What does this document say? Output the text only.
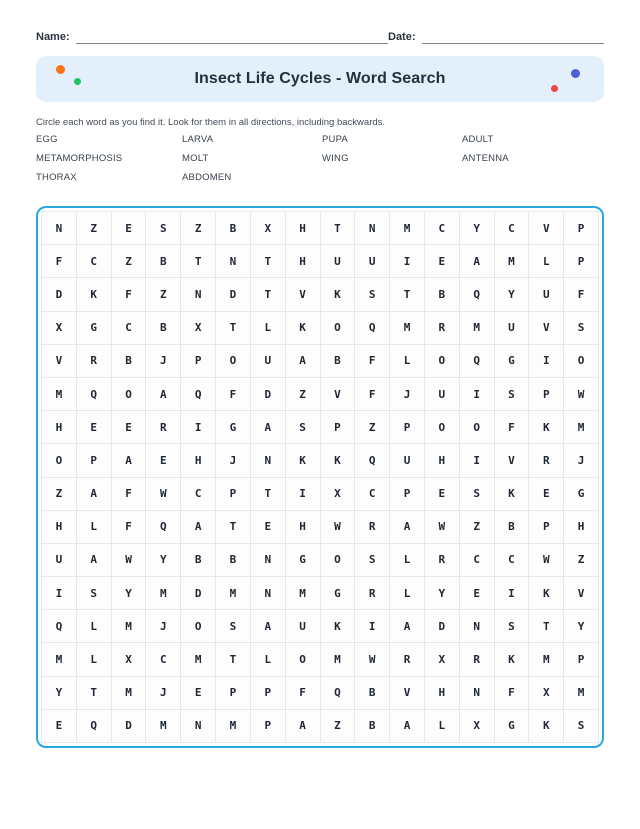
Name:	Date:
Insect Life Cycles - Word Search
Circle each word as you find it. Look for them in all directions, including backwards.
EGG	LARVA	PUPA	ADULT
METAMORPHOSIS	MOLT	WING	ANTENNA
THORAX	ABDOMEN
N	Z	E	S	Z	B	X	H	T	N	M	C	Y	C	V	P
F	C	Z	B	T	N	T	H	U	U	I	E	A	M	L	P
D	K	F	Z	N	D	T	V	K	S	T	B	Q	Y	U	F
X	G	C	B	X	T	L	K	O	Q	M	R	M	U	V	S
V	R	B	J	P	O	U	A	B	F	L	O	Q	G	I	O
M	Q	O	A	Q	F	D	Z	V	F	J	U	I	S	P	W
H	E	E	R	I	G	A	S	P	Z	P	O	O	F	K	M
O	P	A	E	H	J	N	K	K	Q	U	H	I	V	R	J
Z	A	F	W	C	P	T	I	X	C	P	E	S	K	E	G
H	L	F	Q	A	T	E	H	W	R	A	W	Z	B	P	H
U	A	W	Y	B	B	N	G	O	S	L	R	C	C	W	Z
I	S	Y	M	D	M	N	M	G	R	L	Y	E	I	K	V
Q	L	M	J	O	S	A	U	K	I	A	D	N	S	T	Y
M	L	X	C	M	T	L	O	M	W	R	X	R	K	M	P
Y	T	M	J	E	P	P	F	Q	B	V	H	N	F	X	M
E	Q	D	M	N	M	P	A	Z	B	A	L	X	G	K	S
